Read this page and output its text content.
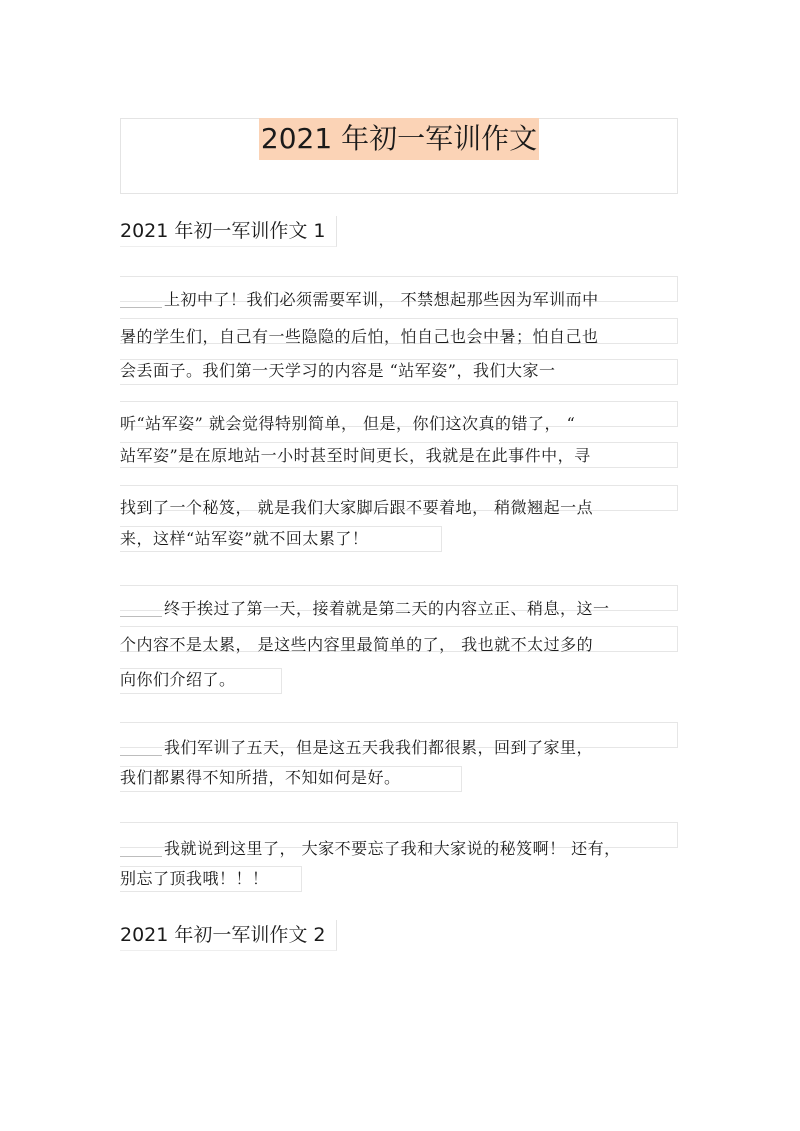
2021 年初一军训作文
2021 年初一军训作文 1
上初中了！我们必须需要军训， 不禁想起那些因为军训而中
暑的学生们，自己有一些隐隐的后怕，怕自己也会中暑；怕自己也
会丢面子。我们第一天学习的内容是 “站军姿”，我们大家一
听“站军姿” 就会觉得特别简单， 但是，你们这次真的错了， “
站军姿”是在原地站一小时甚至时间更长，我就是在此事件中，寻
找到了一个秘笈， 就是我们大家脚后跟不要着地， 稍微翘起一点
来，这样“站军姿”就不回太累了！
终于挨过了第一天，接着就是第二天的内容立正、稍息，这一
个内容不是太累， 是这些内容里最简单的了， 我也就不太过多的
向你们介绍了。
我们军训了五天，但是这五天我我们都很累，回到了家里，
我们都累得不知所措，不知如何是好。
我就说到这里了， 大家不要忘了我和大家说的秘笈啊！ 还有，
别忘了顶我哦！！！
2021 年初一军训作文 2
